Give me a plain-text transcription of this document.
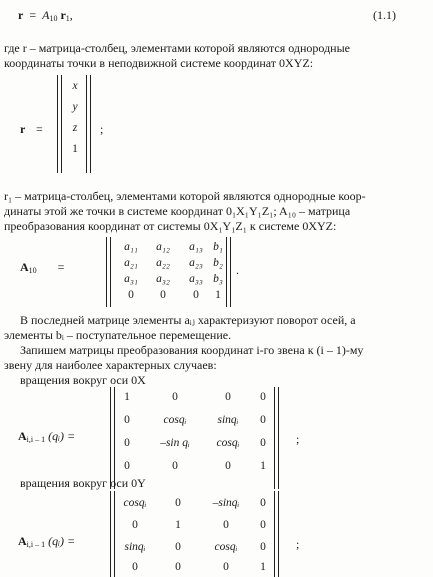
$r = A_{10}$ $r_1$,	(1.1)
где r – матрица-столбец, элементами которой являются однородные
координаты точки в неподвижной системе координат 0XYZ:
r =
x
y
z
1
;
r₁ – матрица-столбец, элементами которой являются однородные коор-
динаты этой же точки в системе координат 0₁X₁Y₁Z₁; A₁₀ – матрица
преобразования координат от системы 0X₁Y₁Z₁ к системе 0XYZ:
$A_{10}$ =
a₁₁ a₁₂ a₁₃ b₁
a₂₁ a₂₂ a₂₃ b₂
a₃₁ a₃₂ a₃₃ b₃
0 0 0 1
.
В последней матрице элементы aᵢⱼ характеризуют поворот осей, а
элементы bᵢ – поступательное перемещение.
Запишем матрицы преобразования координат i-го звена к (i – 1)-му
звену для наиболее характерных случаев:
вращения вокруг оси 0X
$A_{i,i - 1}$ (qᵢ) =
1	0	0	0
0	cosqᵢ	sinqᵢ 0
0	–sin qᵢ cosqᵢ 0
0	0	0	1
;
вращения вокруг оси 0Y
$A_{i,i - 1}$ (qᵢ) =
cosqᵢ 0	–sinqᵢ 0
0	1	0	0
sinqᵢ	0	cosqᵢ 0
0	0	0	1
;
